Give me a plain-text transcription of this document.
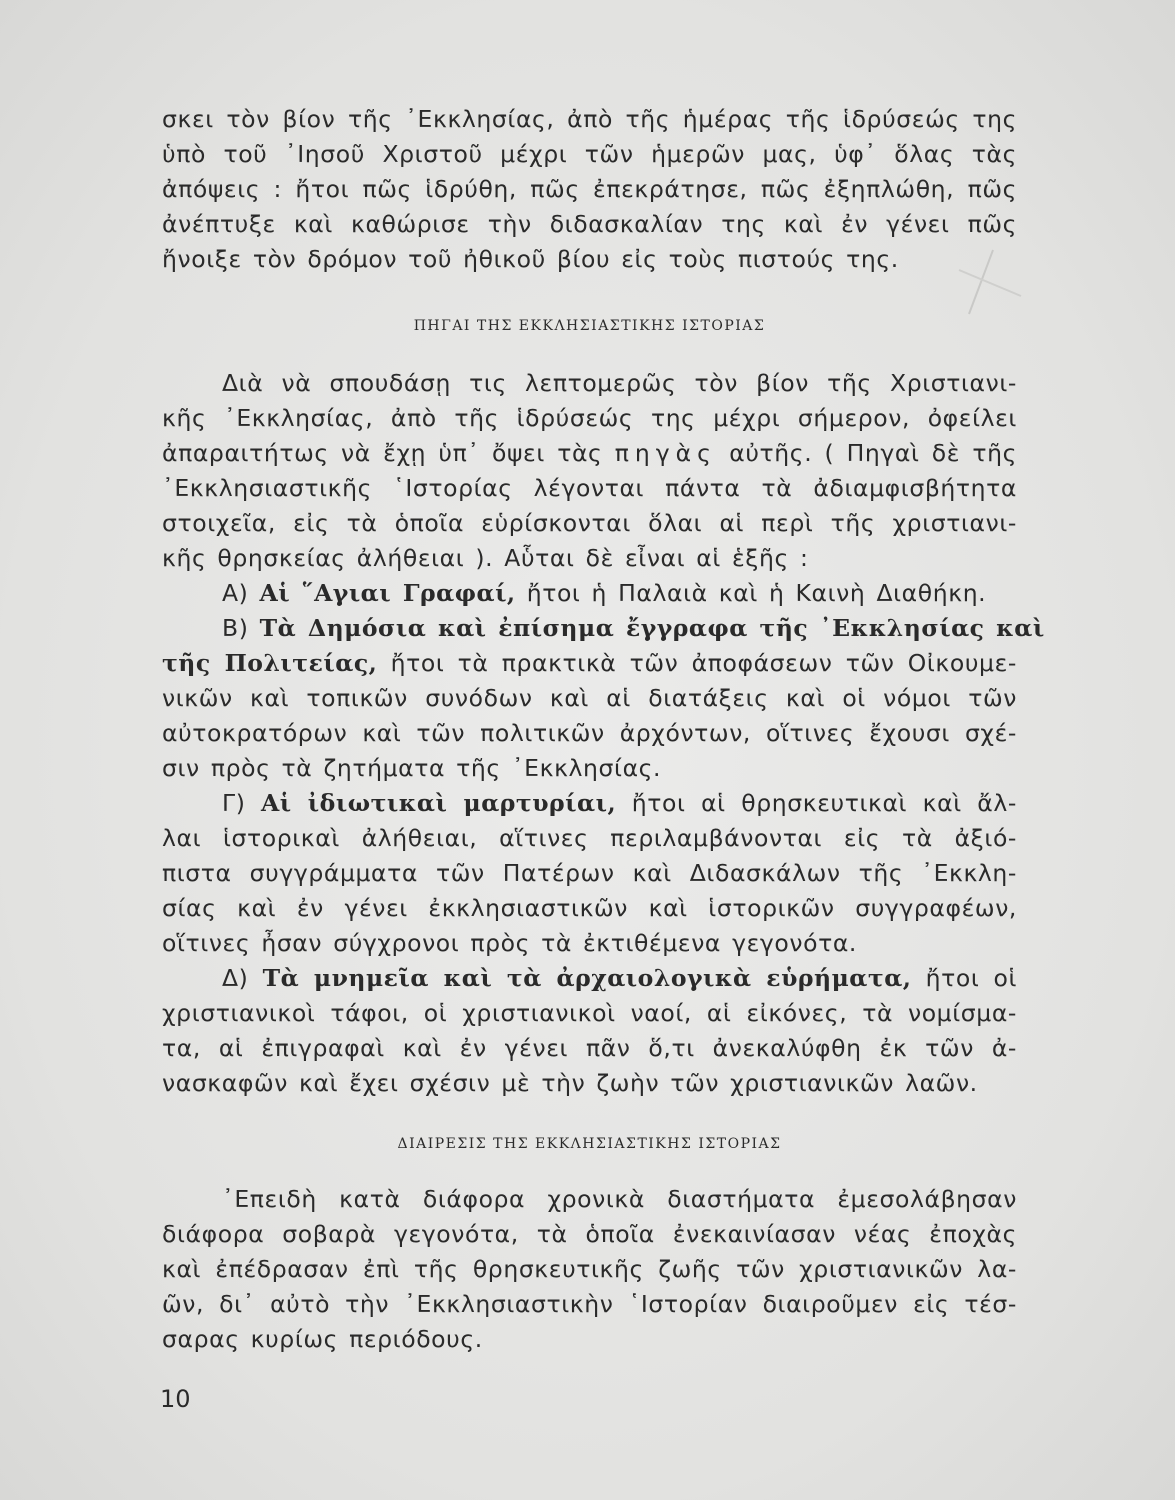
σκει τὸν βίον τῆς ᾿Εκκλησίας, ἀπὸ τῆς ἡμέρας τῆς ἱδρύσεώς της
ὑπὸ τοῦ ᾿Ιησοῦ Χριστοῦ μέχρι τῶν ἡμερῶν μας, ὑφ᾿ ὅλας τὰς
ἀπόψεις : ἤτοι πῶς ἱδρύθη, πῶς ἐπεκράτησε, πῶς ἐξηπλώθη, πῶς
ἀνέπτυξε καὶ καθώρισε τὴν διδασκαλίαν της καὶ ἐν γένει πῶς
ἤνοιξε τὸν δρόμον τοῦ ἠθικοῦ βίου εἰς τοὺς πιστούς της.
ΠΗΓΑΙ ΤΗΣ ΕΚΚΛΗΣΙΑΣΤΙΚΗΣ ΙΣΤΟΡΙΑΣ
Διὰ νὰ σπουδάσῃ τις λεπτομερῶς τὸν βίον τῆς Χριστιανι-
κῆς ᾿Εκκλησίας, ἀπὸ τῆς ἱδρύσεώς της μέχρι σήμερον, ὀφείλει
ἀπαραιτήτως νὰ ἔχῃ ὑπ᾿ ὄψει τὰς πηγὰς αὐτῆς. ( Πηγαὶ δὲ τῆς
᾿Εκκλησιαστικῆς ῾Ιστορίας λέγονται πάντα τὰ ἀδιαμφισβήτητα
στοιχεῖα, εἰς τὰ ὁποῖα εὑρίσκονται ὅλαι αἱ περὶ τῆς χριστιανι-
κῆς θρησκείας ἀλήθειαι ). Αὗται δὲ εἶναι αἱ ἑξῆς :
Α) Αἱ ῞Αγιαι Γραφαί, ἤτοι ἡ Παλαιὰ καὶ ἡ Καινὴ Διαθήκη.
Β) Τὰ Δημόσια καὶ ἐπίσημα ἔγγραφα τῆς ᾿Εκκλησίας καὶ
τῆς Πολιτείας, ἤτοι τὰ πρακτικὰ τῶν ἀποφάσεων τῶν Οἰκουμε-
νικῶν καὶ τοπικῶν συνόδων καὶ αἱ διατάξεις καὶ οἱ νόμοι τῶν
αὐτοκρατόρων καὶ τῶν πολιτικῶν ἀρχόντων, οἵτινες ἔχουσι σχέ-
σιν πρὸς τὰ ζητήματα τῆς ᾿Εκκλησίας.
Γ) Αἱ ἰδιωτικαὶ μαρτυρίαι, ἤτοι αἱ θρησκευτικαὶ καὶ ἄλ-
λαι ἱστορικαὶ ἀλήθειαι, αἵτινες περιλαμβάνονται εἰς τὰ ἀξιό-
πιστα συγγράμματα τῶν Πατέρων καὶ Διδασκάλων τῆς ᾿Εκκλη-
σίας καὶ ἐν γένει ἐκκλησιαστικῶν καὶ ἱστορικῶν συγγραφέων,
οἵτινες ἦσαν σύγχρονοι πρὸς τὰ ἐκτιθέμενα γεγονότα.
Δ) Τὰ μνημεῖα καὶ τὰ ἀρχαιολογικὰ εὑρήματα, ἤτοι οἱ
χριστιανικοὶ τάφοι, οἱ χριστιανικοὶ ναοί, αἱ εἰκόνες, τὰ νομίσμα-
τα, αἱ ἐπιγραφαὶ καὶ ἐν γένει πᾶν ὅ,τι ἀνεκαλύφθη ἐκ τῶν ἀ-
νασκαφῶν καὶ ἔχει σχέσιν μὲ τὴν ζωὴν τῶν χριστιανικῶν λαῶν.
ΔΙΑΙΡΕΣΙΣ ΤΗΣ ΕΚΚΛΗΣΙΑΣΤΙΚΗΣ ΙΣΤΟΡΙΑΣ
᾿Επειδὴ κατὰ διάφορα χρονικὰ διαστήματα ἐμεσολάβησαν
διάφορα σοβαρὰ γεγονότα, τὰ ὁποῖα ἐνεκαινίασαν νέας ἐποχὰς
καὶ ἐπέδρασαν ἐπὶ τῆς θρησκευτικῆς ζωῆς τῶν χριστιανικῶν λα-
ῶν, δι᾿ αὐτὸ τὴν ᾿Εκκλησιαστικὴν ῾Ιστορίαν διαιροῦμεν εἰς τέσ-
σαρας κυρίως περιόδους.
10
